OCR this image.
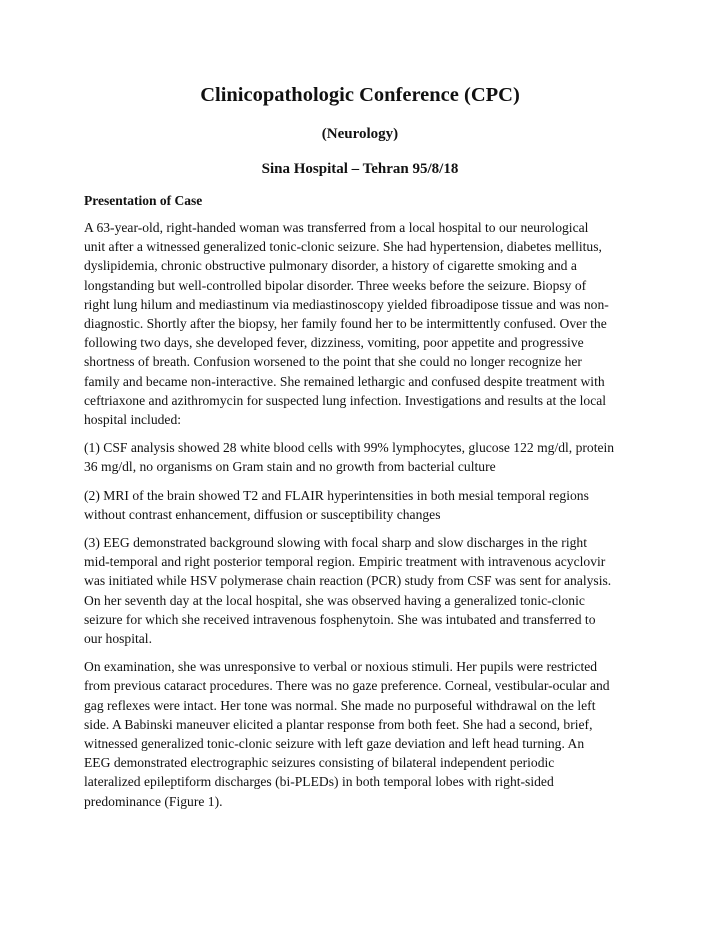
Clinicopathologic Conference (CPC)
(Neurology)
Sina Hospital – Tehran 95/8/18
Presentation of Case

A 63-year-old, right-handed woman was transferred from a local hospital to our neurological
unit after a witnessed generalized tonic-clonic seizure. She had hypertension, diabetes mellitus,
dyslipidemia, chronic obstructive pulmonary disorder, a history of cigarette smoking and a
longstanding but well-controlled bipolar disorder. Three weeks before the seizure. Biopsy of
right lung hilum and mediastinum via mediastinoscopy yielded fibroadipose tissue and was non-
diagnostic. Shortly after the biopsy, her family found her to be intermittently confused. Over the
following two days, she developed fever, dizziness, vomiting, poor appetite and progressive
shortness of breath. Confusion worsened to the point that she could no longer recognize her
family and became non-interactive. She remained lethargic and confused despite treatment with
ceftriaxone and azithromycin for suspected lung infection. Investigations and results at the local
hospital included:

(1) CSF analysis showed 28 white blood cells with 99% lymphocytes, glucose 122 mg/dl, protein
36 mg/dl, no organisms on Gram stain and no growth from bacterial culture

(2) MRI of the brain showed T2 and FLAIR hyperintensities in both mesial temporal regions
without contrast enhancement, diffusion or susceptibility changes

(3) EEG demonstrated background slowing with focal sharp and slow discharges in the right
mid-temporal and right posterior temporal region. Empiric treatment with intravenous acyclovir
was initiated while HSV polymerase chain reaction (PCR) study from CSF was sent for analysis.
On her seventh day at the local hospital, she was observed having a generalized tonic-clonic
seizure for which she received intravenous fosphenytoin. She was intubated and transferred to
our hospital.

On examination, she was unresponsive to verbal or noxious stimuli. Her pupils were restricted
from previous cataract procedures. There was no gaze preference. Corneal, vestibular-ocular and
gag reflexes were intact. Her tone was normal. She made no purposeful withdrawal on the left
side. A Babinski maneuver elicited a plantar response from both feet. She had a second, brief,
witnessed generalized tonic-clonic seizure with left gaze deviation and left head turning. An
EEG demonstrated electrographic seizures consisting of bilateral independent periodic
lateralized epileptiform discharges (bi-PLEDs) in both temporal lobes with right-sided
predominance (Figure 1).
